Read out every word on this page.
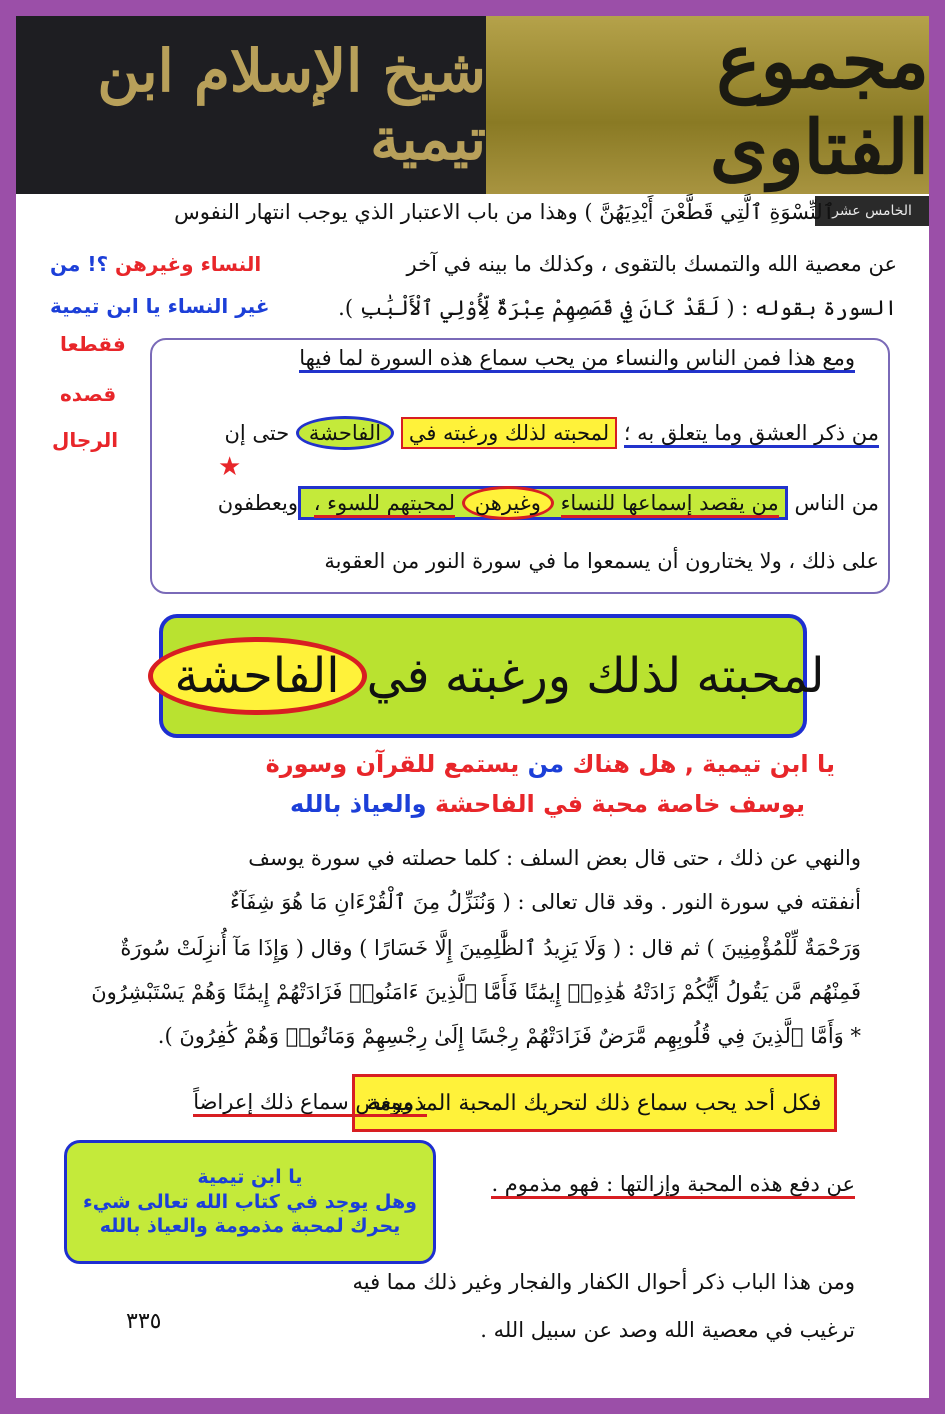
شيخ الإسلام ابن تيمية
مجموع الفتاوى
الخامس عشر
ٱلنِّسْوَةِ ٱلَّتِي قَطَّعْنَ أَيْدِيَهُنَّ ) وهذا من باب الاعتبار الذي يوجب انتهار النفوس
عن معصية الله والتمسك بالتقوى ، وكذلك ما بينه في آخر
النساء وغيرهن ؟! من
السورة بقوله : ( لَقَدْ كَانَ فِي قَصَصِهِمْ عِبْرَةٌ لِّأُوْلِي ٱلْأَلْبَٰبِ ).
غير النساء يا ابن تيمية
فقطعا
قصده
الرجال
ومع هذا فمن الناس والنساء من يحب سماع هذه السورة لما فيها
من ذكر العشق وما يتعلق به ؛ لمحبته لذلك ورغبته في الفاحشة حتى إن
★
من الناس من يقصد إسماعها للنساء وغيرهن لمحبتهم للسوء ، ويعطفون
على ذلك ، ولا يختارون أن يسمعوا ما في سورة النور من العقوبة
لمحبته لذلك ورغبته في
الفاحشة
يا ابن تيمية , هل هناك من يستمع للقرآن وسورة
يوسف خاصة محبة في الفاحشة والعياذ بالله
والنهي عن ذلك ، حتى قال بعض السلف : كلما حصلته في سورة يوسف
أنفقته في سورة النور . وقد قال تعالى : ( وَنُنَزِّلُ مِنَ ٱلْقُرْءَانِ مَا هُوَ شِفَآءٌ
وَرَحْمَةٌ لِّلْمُؤْمِنِينَ ) ثم قال : ( وَلَا يَزِيدُ ٱلظَّٰلِمِينَ إِلَّا خَسَارًا ) وقال ( وَإِذَا مَآ أُنزِلَتْ سُورَةٌ
فَمِنْهُم مَّن يَقُولُ أَيُّكُمْ زَادَتْهُ هَٰذِهِۦٓ إِيمَٰنًا فَأَمَّا ٱلَّذِينَ ءَامَنُوا۟ فَزَادَتْهُمْ إِيمَٰنًا وَهُمْ يَسْتَبْشِرُونَ
* وَأَمَّا ٱلَّذِينَ فِي قُلُوبِهِم مَّرَضٌ فَزَادَتْهُمْ رِجْسًا إِلَىٰ رِجْسِهِمْ وَمَاتُوا۟ وَهُمْ كَٰفِرُونَ ).
فكل أحد يحب سماع ذلك لتحريك المحبة المذمومة
، ويبغض سماع ذلك إعراضاً
يا ابن تيمية
وهل يوجد في كتاب الله تعالى شيء
يحرك لمحبة مذمومة والعياذ بالله
عن دفع هذه المحبة وإزالتها : فهو مذموم .
ومن هذا الباب ذكر أحوال الكفار والفجار وغير ذلك مما فيه
ترغيب في معصية الله وصد عن سبيل الله .
٣٣٥
